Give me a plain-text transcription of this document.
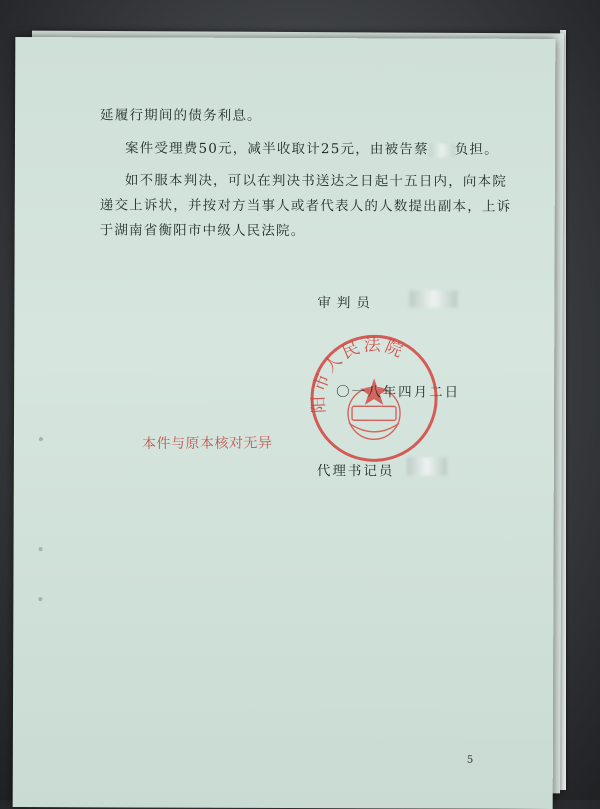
延履行期间的债务利息。
案件受理费50元，减半收取计25元，由被告蔡 负担。
如不服本判决，可以在判决书送达之日起十五日内，向本院
递交上诉状，并按对方当事人或者代表人的人数提出副本，上诉
于湖南省衡阳市中级人民法院。
审判员
阳市人民法院
〇一八年四月二日
本件与原本核对无异
代理书记员
5
